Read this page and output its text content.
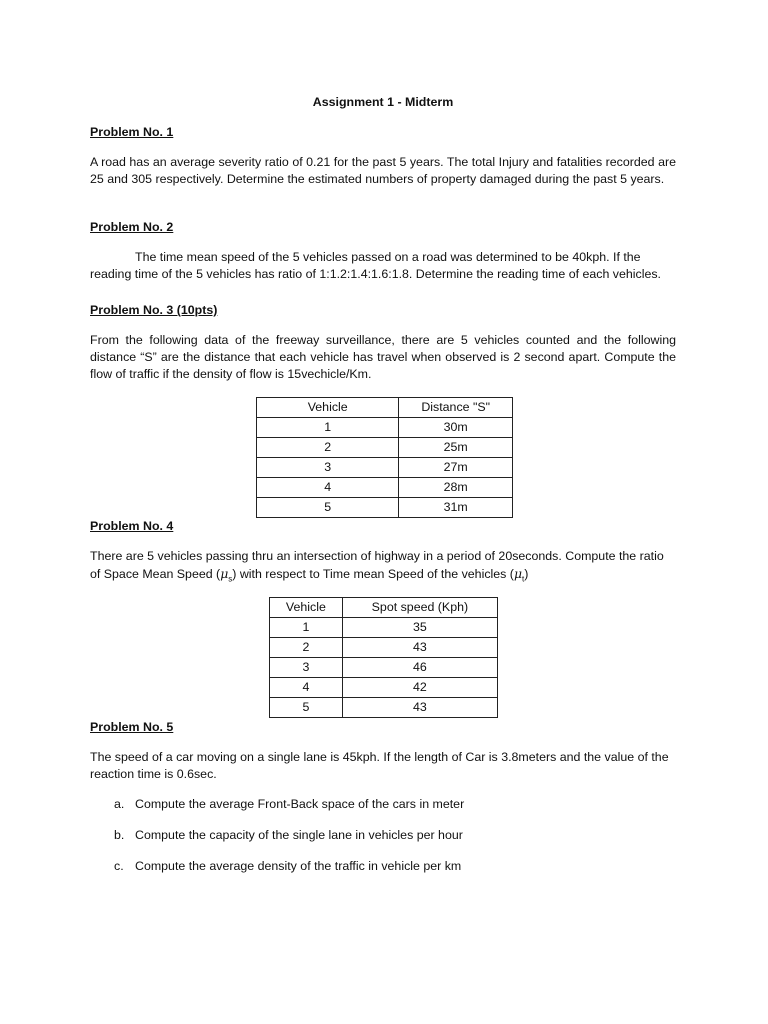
Assignment 1 - Midterm
Problem No. 1
A road has an average severity ratio of 0.21 for the past 5 years. The total Injury and fatalities recorded are 25 and 305 respectively. Determine the estimated numbers of property damaged during the past 5 years.
Problem No. 2
The time mean speed of the 5 vehicles passed on a road was determined to be 40kph. If the reading time of the 5 vehicles has ratio of 1:1.2:1.4:1.6:1.8. Determine the reading time of each vehicles.
Problem No. 3 (10pts)
From the following data of the freeway surveillance, there are 5 vehicles counted and the following distance “S” are the distance that each vehicle has travel when observed is 2 second apart. Compute the flow of traffic if the density of flow is 15vechicle/Km.
Vehicle	Distance "S"
1	30m
2	25m
3	27m
4	28m
5	31m
Problem No. 4
There are 5 vehicles passing thru an intersection of highway in a period of 20seconds. Compute the ratio
of Space Mean Speed $(\mu_s)$ with respect to Time mean Speed of the vehicles $(\mu_t)$
Vehicle	Spot speed (Kph)
1	35
2	43
3	46
4	42
5	43
Problem No. 5
The speed of a car moving on a single lane is 45kph. If the length of Car is 3.8meters and the value of the reaction time is 0.6sec.
a. Compute the average Front-Back space of the cars in meter
b. Compute the capacity of the single lane in vehicles per hour
c. Compute the average density of the traffic in vehicle per km
